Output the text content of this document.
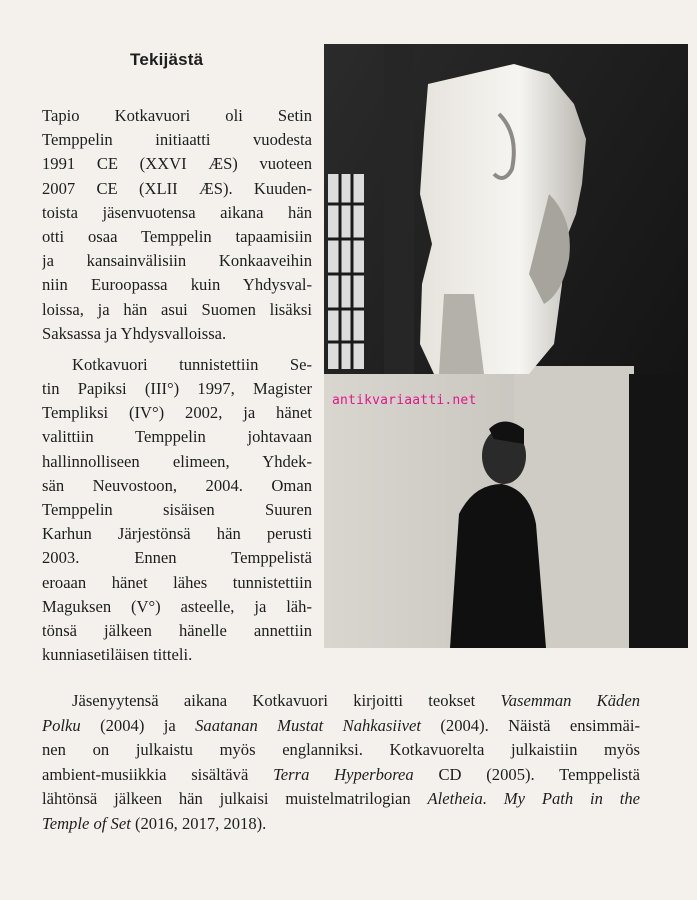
Tekijästä
Tapio Kotkavuori oli Setin
Temppelin initiaatti vuodesta
1991 CE (XXVI ÆS) vuoteen
2007 CE (XLII ÆS). Kuuden-
toista jäsenvuotensa aikana hän
otti osaa Temppelin tapaamisiin
ja kansainvälisiin Konkaaveihin
niin Euroopassa kuin Yhdysval-
loissa, ja hän asui Suomen lisäksi
Saksassa ja Yhdysvalloissa.
Kotkavuori tunnistettiin Se-
tin Papiksi (III°) 1997, Magister
Templiksi (IV°) 2002, ja hänet
valittiin Temppelin johtavaan
hallinnolliseen elimeen, Yhdek-
sän Neuvostoon, 2004. Oman
Temppelin sisäisen Suuren
Karhun Järjestönsä hän perusti
2003. Ennen Temppelistä
eroaan hänet lähes tunnistettiin
Maguksen (V°) asteelle, ja läh-
tönsä jälkeen hänelle annettiin
kunniasetiläisen titteli.
antikvariaatti.net
Jäsenyytensä aikana Kotkavuori kirjoitti teokset Vasemman Käden
Polku (2004) ja Saatanan Mustat Nahkasiivet (2004). Näistä ensimmäi-
nen on julkaistu myös englanniksi. Kotkavuorelta julkaistiin myös
ambient-musiikkia sisältävä Terra Hyperborea CD (2005). Temppelistä
lähtönsä jälkeen hän julkaisi muistelmatrilogian Aletheia. My Path in the
Temple of Set (2016, 2017, 2018).
